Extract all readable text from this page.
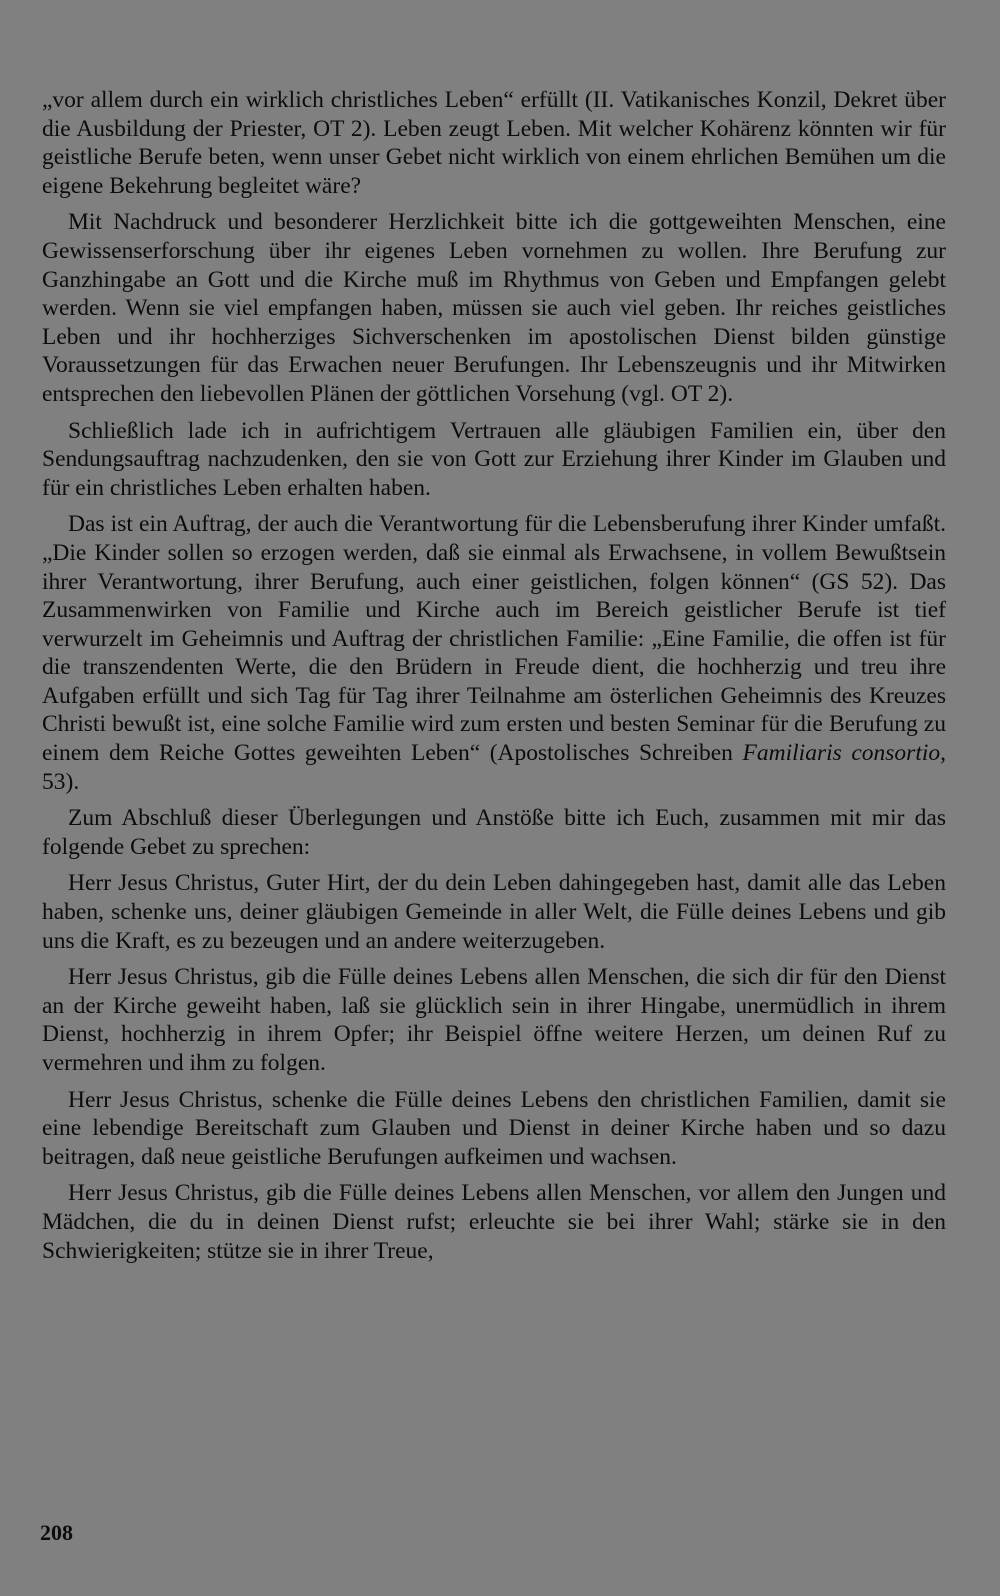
„vor allem durch ein wirklich christliches Leben“ erfüllt (II. Vatikanisches Konzil, Dekret über die Ausbildung der Priester, OT 2). Leben zeugt Leben. Mit welcher Kohärenz könnten wir für geistliche Berufe beten, wenn unser Gebet nicht wirklich von einem ehrlichen Bemühen um die eigene Bekehrung begleitet wäre?

Mit Nachdruck und besonderer Herzlichkeit bitte ich die gottgeweihten Menschen, eine Gewissenserforschung über ihr eigenes Leben vornehmen zu wollen. Ihre Berufung zur Ganzhingabe an Gott und die Kirche muß im Rhythmus von Geben und Empfangen gelebt werden. Wenn sie viel empfangen haben, müssen sie auch viel geben. Ihr reiches geistliches Leben und ihr hochherziges Sichverschenken im apostolischen Dienst bilden günstige Voraussetzungen für das Erwachen neuer Berufungen. Ihr Lebenszeugnis und ihr Mitwirken entsprechen den liebevollen Plänen der göttlichen Vorsehung (vgl. OT 2).

Schließlich lade ich in aufrichtigem Vertrauen alle gläubigen Familien ein, über den Sendungsauftrag nachzudenken, den sie von Gott zur Erziehung ihrer Kinder im Glauben und für ein christliches Leben erhalten haben.

Das ist ein Auftrag, der auch die Verantwortung für die Lebensberufung ihrer Kinder umfaßt. „Die Kinder sollen so erzogen werden, daß sie einmal als Erwachsene, in vollem Bewußtsein ihrer Verantwortung, ihrer Berufung, auch einer geistlichen, folgen können“ (GS 52). Das Zusammenwirken von Familie und Kirche auch im Bereich geistlicher Berufe ist tief verwurzelt im Geheimnis und Auftrag der christlichen Familie: „Eine Familie, die offen ist für die transzendenten Werte, die den Brüdern in Freude dient, die hochherzig und treu ihre Aufgaben erfüllt und sich Tag für Tag ihrer Teilnahme am österlichen Geheimnis des Kreuzes Christi bewußt ist, eine solche Familie wird zum ersten und besten Seminar für die Berufung zu einem dem Reiche Gottes geweihten Leben“ (Apostolisches Schreiben Familiaris consortio, 53).

Zum Abschluß dieser Überlegungen und Anstöße bitte ich Euch, zusammen mit mir das folgende Gebet zu sprechen:

Herr Jesus Christus, Guter Hirt, der du dein Leben dahingegeben hast, damit alle das Leben haben, schenke uns, deiner gläubigen Gemeinde in aller Welt, die Fülle deines Lebens und gib uns die Kraft, es zu bezeugen und an andere weiterzugeben.

Herr Jesus Christus, gib die Fülle deines Lebens allen Menschen, die sich dir für den Dienst an der Kirche geweiht haben, laß sie glücklich sein in ihrer Hingabe, unermüdlich in ihrem Dienst, hochherzig in ihrem Opfer; ihr Beispiel öffne weitere Herzen, um deinen Ruf zu vermehren und ihm zu folgen.

Herr Jesus Christus, schenke die Fülle deines Lebens den christlichen Familien, damit sie eine lebendige Bereitschaft zum Glauben und Dienst in deiner Kirche haben und so dazu beitragen, daß neue geistliche Berufungen aufkeimen und wachsen.

Herr Jesus Christus, gib die Fülle deines Lebens allen Menschen, vor allem den Jungen und Mädchen, die du in deinen Dienst rufst; erleuchte sie bei ihrer Wahl; stärke sie in den Schwierigkeiten; stütze sie in ihrer Treue,

208
